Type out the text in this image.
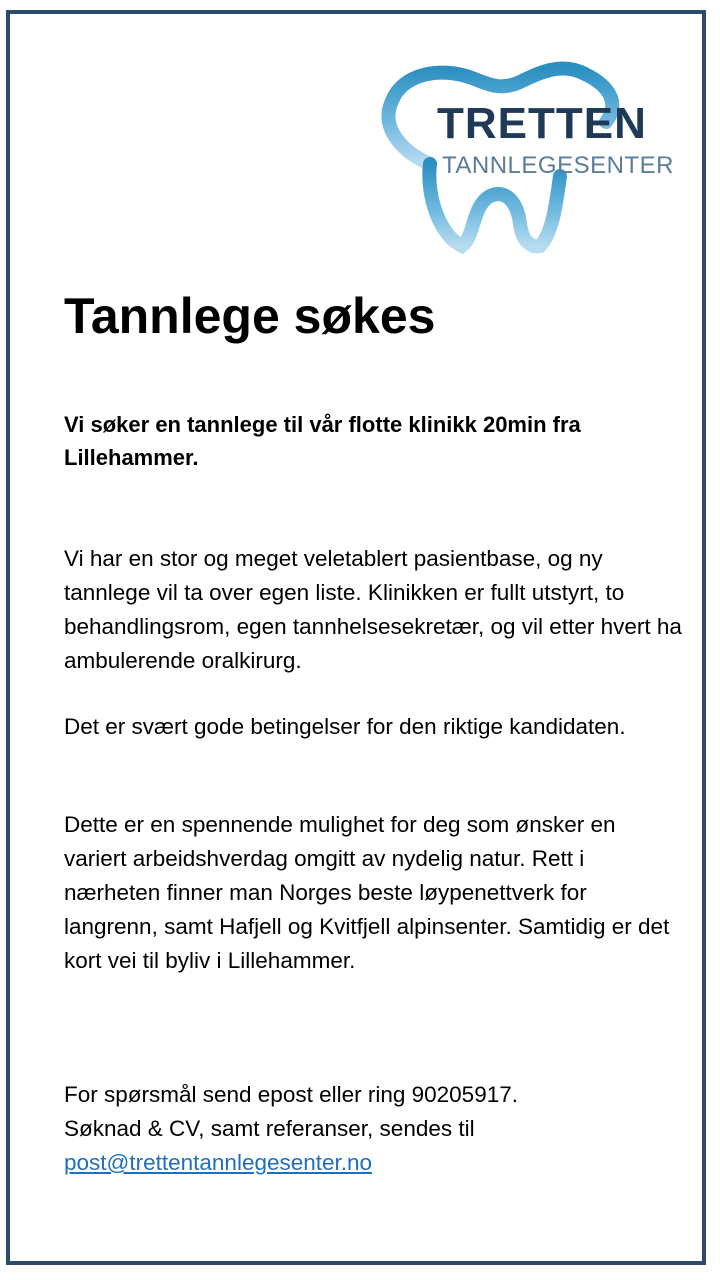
TRETTEN
TANNLEGESENTER
Tannlege søkes

Vi søker en tannlege til vår flotte klinikk 20min fra Lillehammer.

Vi har en stor og meget veletablert pasientbase, og ny tannlege vil ta over egen liste. Klinikken er fullt utstyrt, to behandlingsrom, egen tannhelsesekretær, og vil etter hvert ha ambulerende oralkirurg.

Det er svært gode betingelser for den riktige kandidaten.

Dette er en spennende mulighet for deg som ønsker en variert arbeidshverdag omgitt av nydelig natur. Rett i nærheten finner man Norges beste løypenettverk for langrenn, samt Hafjell og Kvitfjell alpinsenter. Samtidig er det kort vei til byliv i Lillehammer.

For spørsmål send epost eller ring 90205917.
Søknad & CV, samt referanser, sendes til
post@trettentannlegesenter.no
